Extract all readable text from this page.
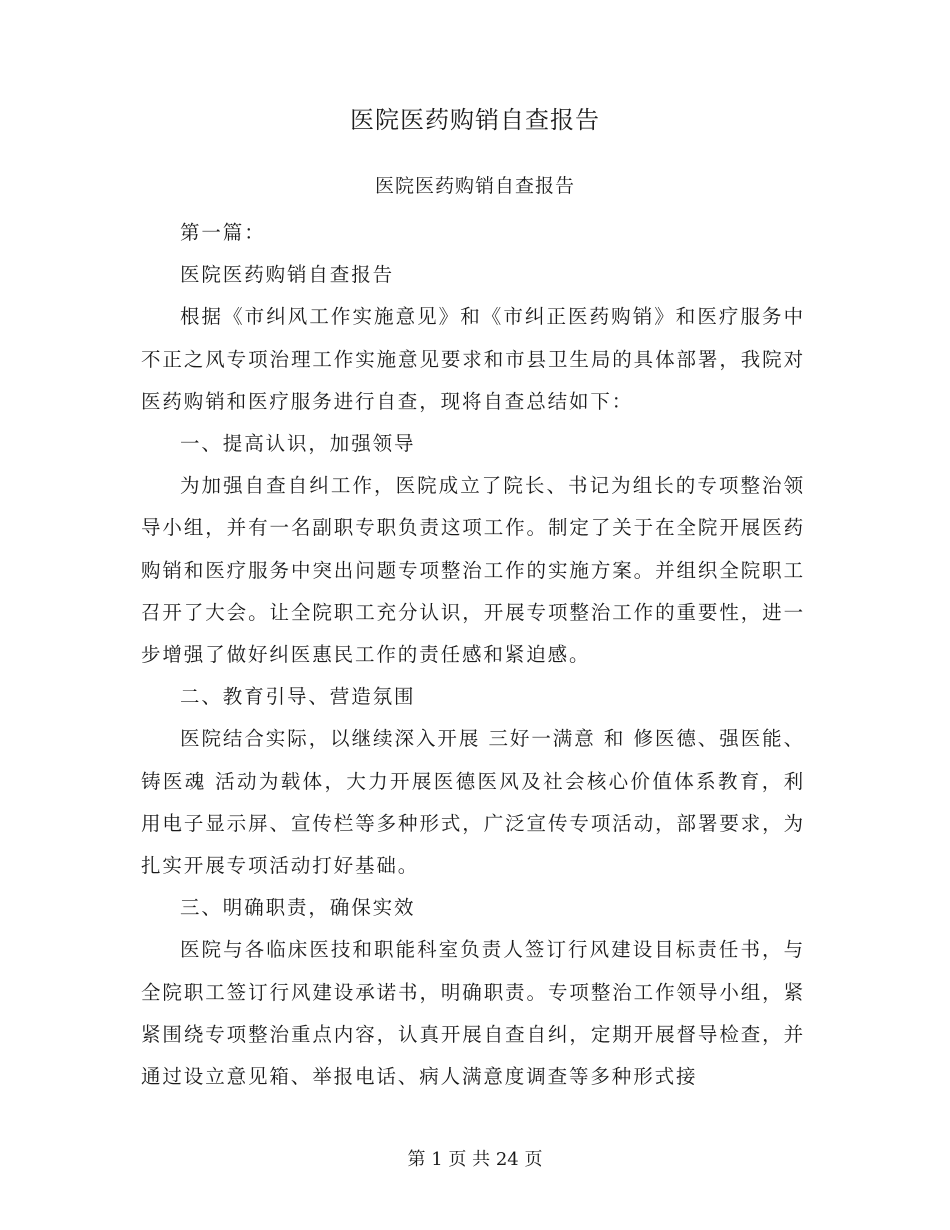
医院医药购销自查报告
医院医药购销自查报告

第一篇：

医院医药购销自查报告

根据《市纠风工作实施意见》和《市纠正医药购销》和医疗服务中不正之风专项治理工作实施意见要求和市县卫生局的具体部署，我院对医药购销和医疗服务进行自查，现将自查总结如下：

一、提高认识，加强领导

为加强自查自纠工作，医院成立了院长、书记为组长的专项整治领导小组，并有一名副职专职负责这项工作。制定了关于在全院开展医药购销和医疗服务中突出问题专项整治工作的实施方案。并组织全院职工召开了大会。让全院职工充分认识，开展专项整治工作的重要性，进一步增强了做好纠医惠民工作的责任感和紧迫感。

二、教育引导、营造氛围

医院结合实际，以继续深入开展 三好一满意 和 修医德、强医能、铸医魂 活动为载体，大力开展医德医风及社会核心价值体系教育，利用电子显示屏、宣传栏等多种形式，广泛宣传专项活动，部署要求，为扎实开展专项活动打好基础。

三、明确职责，确保实效

医院与各临床医技和职能科室负责人签订行风建设目标责任书，与全院职工签订行风建设承诺书，明确职责。专项整治工作领导小组，紧紧围绕专项整治重点内容，认真开展自查自纠，定期开展督导检查，并通过设立意见箱、举报电话、病人满意度调查等多种形式接

第 1 页 共 24 页
